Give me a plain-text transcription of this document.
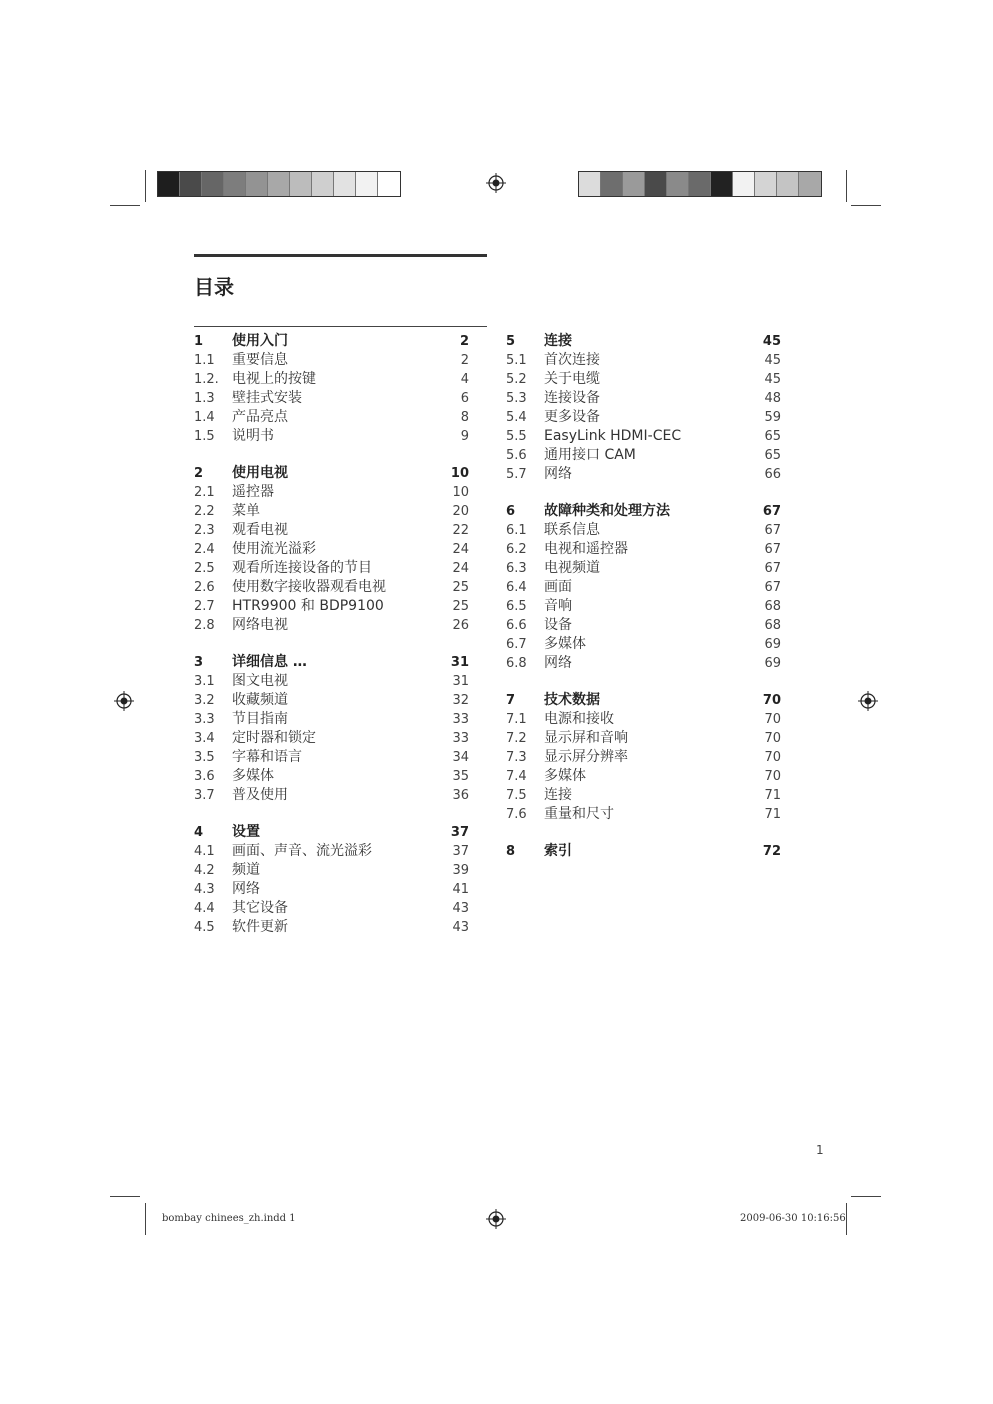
目录
1	使用入门	2
1.1	重要信息	2
1.2. 电视上的按键	4
1.3	壁挂式安装	6
1.4	产品亮点	8
1.5	说明书	9
2	使用电视	10
2.1	遥控器	10
2.2	菜单	20
2.3	观看电视	22
2.4	使用流光溢彩	24
2.5	观看所连接设备的节目	24
2.6	使用数字接收器观看电视	25
2.7	HTR9900 和 BDP9100	25
2.8	网络电视	26
3	详细信息 …	31
3.1	图文电视	31
3.2	收藏频道	32
3.3	节目指南	33
3.4	定时器和锁定	33
3.5	字幕和语言	34
3.6	多媒体	35
3.7	普及使用	36
4	设置	37
4.1	画面、声音、流光溢彩	37
4.2	频道	39
4.3	网络	41
4.4	其它设备	43
4.5	软件更新	43
5	连接	45
5.1	首次连接	45
5.2	关于电缆	45
5.3	连接设备	48
5.4	更多设备	59
5.5	EasyLink HDMI-CEC	65
5.6	通用接口 CAM	65
5.7	网络	66
6	故障种类和处理方法	67
6.1	联系信息	67
6.2	电视和遥控器	67
6.3	电视频道	67
6.4	画面	67
6.5	音响	68
6.6	设备	68
6.7	多媒体	69
6.8	网络	69
7	技术数据	70
7.1	电源和接收	70
7.2	显示屏和音响	70
7.3	显示屏分辨率	70
7.4	多媒体	70
7.5	连接	71
7.6	重量和尺寸	71
8	索引	72
1
bombay chinees_zh.indd 1	2009-06-30 10:16:56
